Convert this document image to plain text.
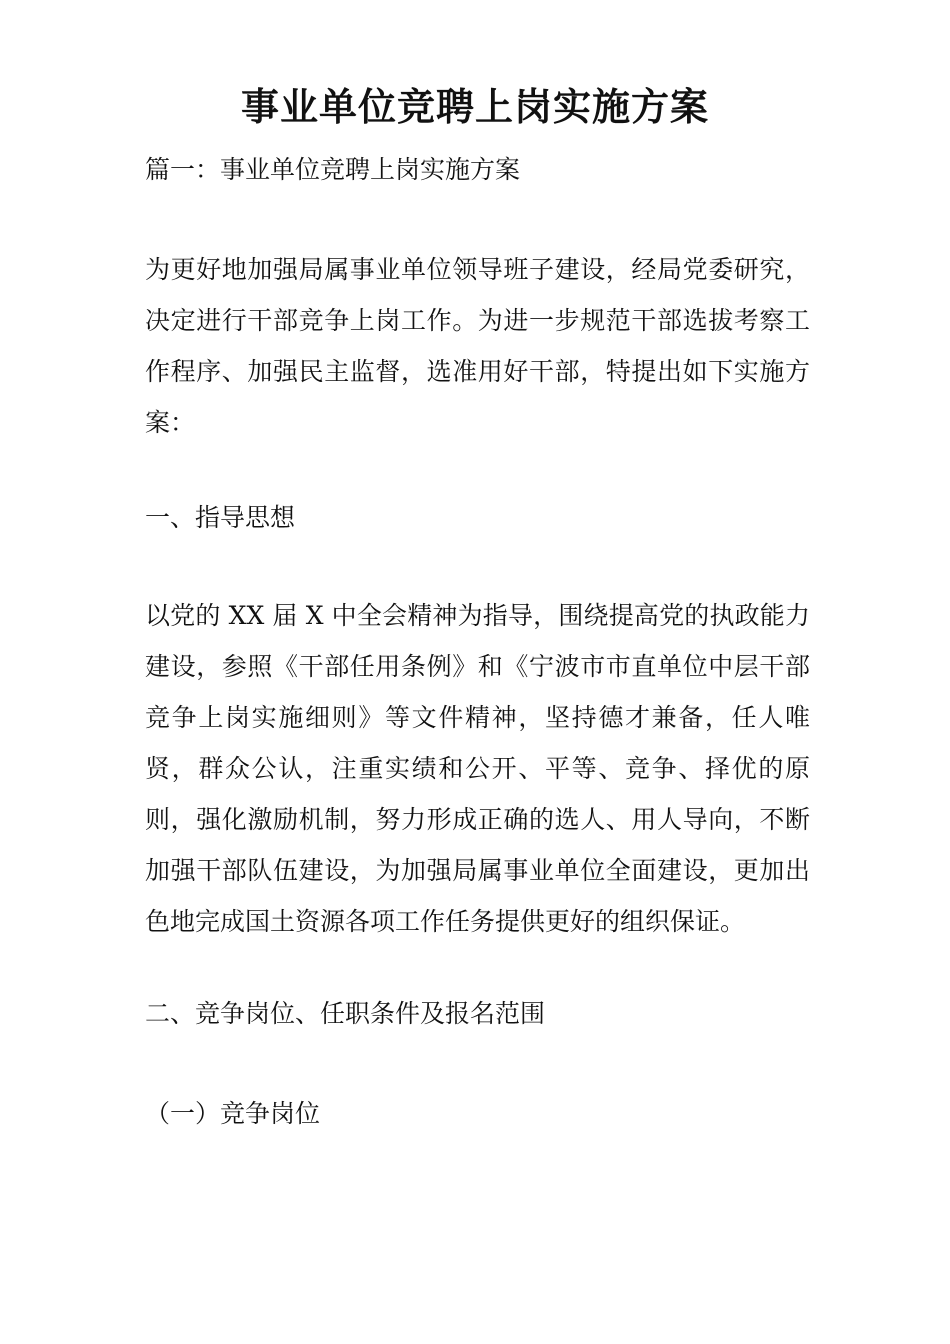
事业单位竞聘上岗实施方案
篇一：事业单位竞聘上岗实施方案
为更好地加强局属事业单位领导班子建设，经局党委研究，决定进行干部竞争上岗工作。为进一步规范干部选拔考察工作程序、加强民主监督，选准用好干部，特提出如下实施方案：
一、指导思想
以党的 XX 届 X 中全会精神为指导，围绕提高党的执政能力建设，参照《干部任用条例》和《宁波市市直单位中层干部竞争上岗实施细则》等文件精神，坚持德才兼备，任人唯贤，群众公认，注重实绩和公开、平等、竞争、择优的原则，强化激励机制，努力形成正确的选人、用人导向，不断加强干部队伍建设，为加强局属事业单位全面建设，更加出色地完成国土资源各项工作任务提供更好的组织保证。
二、竞争岗位、任职条件及报名范围
（一）竞争岗位
